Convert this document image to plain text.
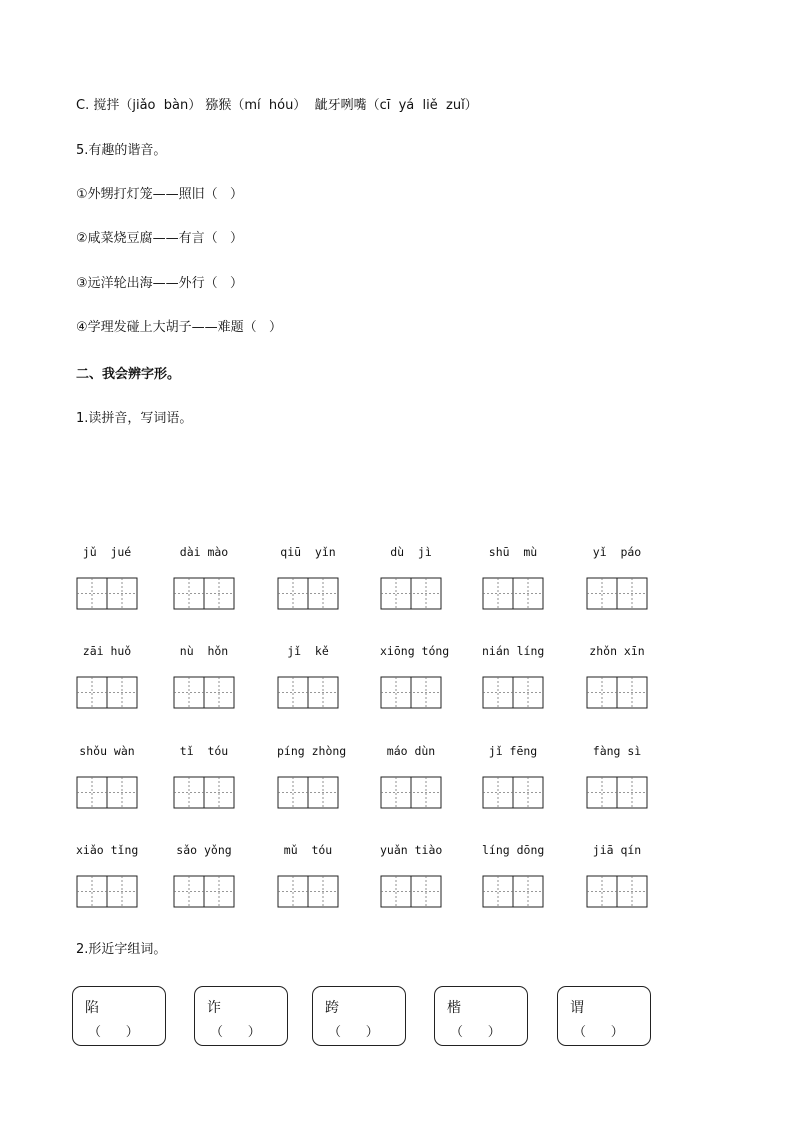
C. 搅拌（jiǎo  bàn） 猕猴（mí  hóu）  龇牙咧嘴（cī  yá  liě  zuǐ）
5.有趣的谐音。
①外甥打灯笼——照旧（   ）
②咸菜烧豆腐——有言（   ）
③远洋轮出海——外行（   ）
④学理发碰上大胡子——难题（   ）
二、我会辨字形。
1.读拼音，写词语。
jǔ  jué	dài mào	qiū  yǐn	dù  jì	shū  mù	yǐ  páo
zāi huǒ	nù  hǒn	jǐ  kě	xiōng tóng	nián líng	zhǒn xīn
shǒu wàn	tǐ  tóu	píng zhòng	máo dùn	jǐ fēng	fàng sì
xiǎo tǐng	sǎo yǒng	mǔ  tóu	yuǎn tiào	líng dōng	jiā qín
2.形近字组词。
陷
（      ）
诈
（      ）
跨
（      ）
楷
（      ）
谓
（      ）
